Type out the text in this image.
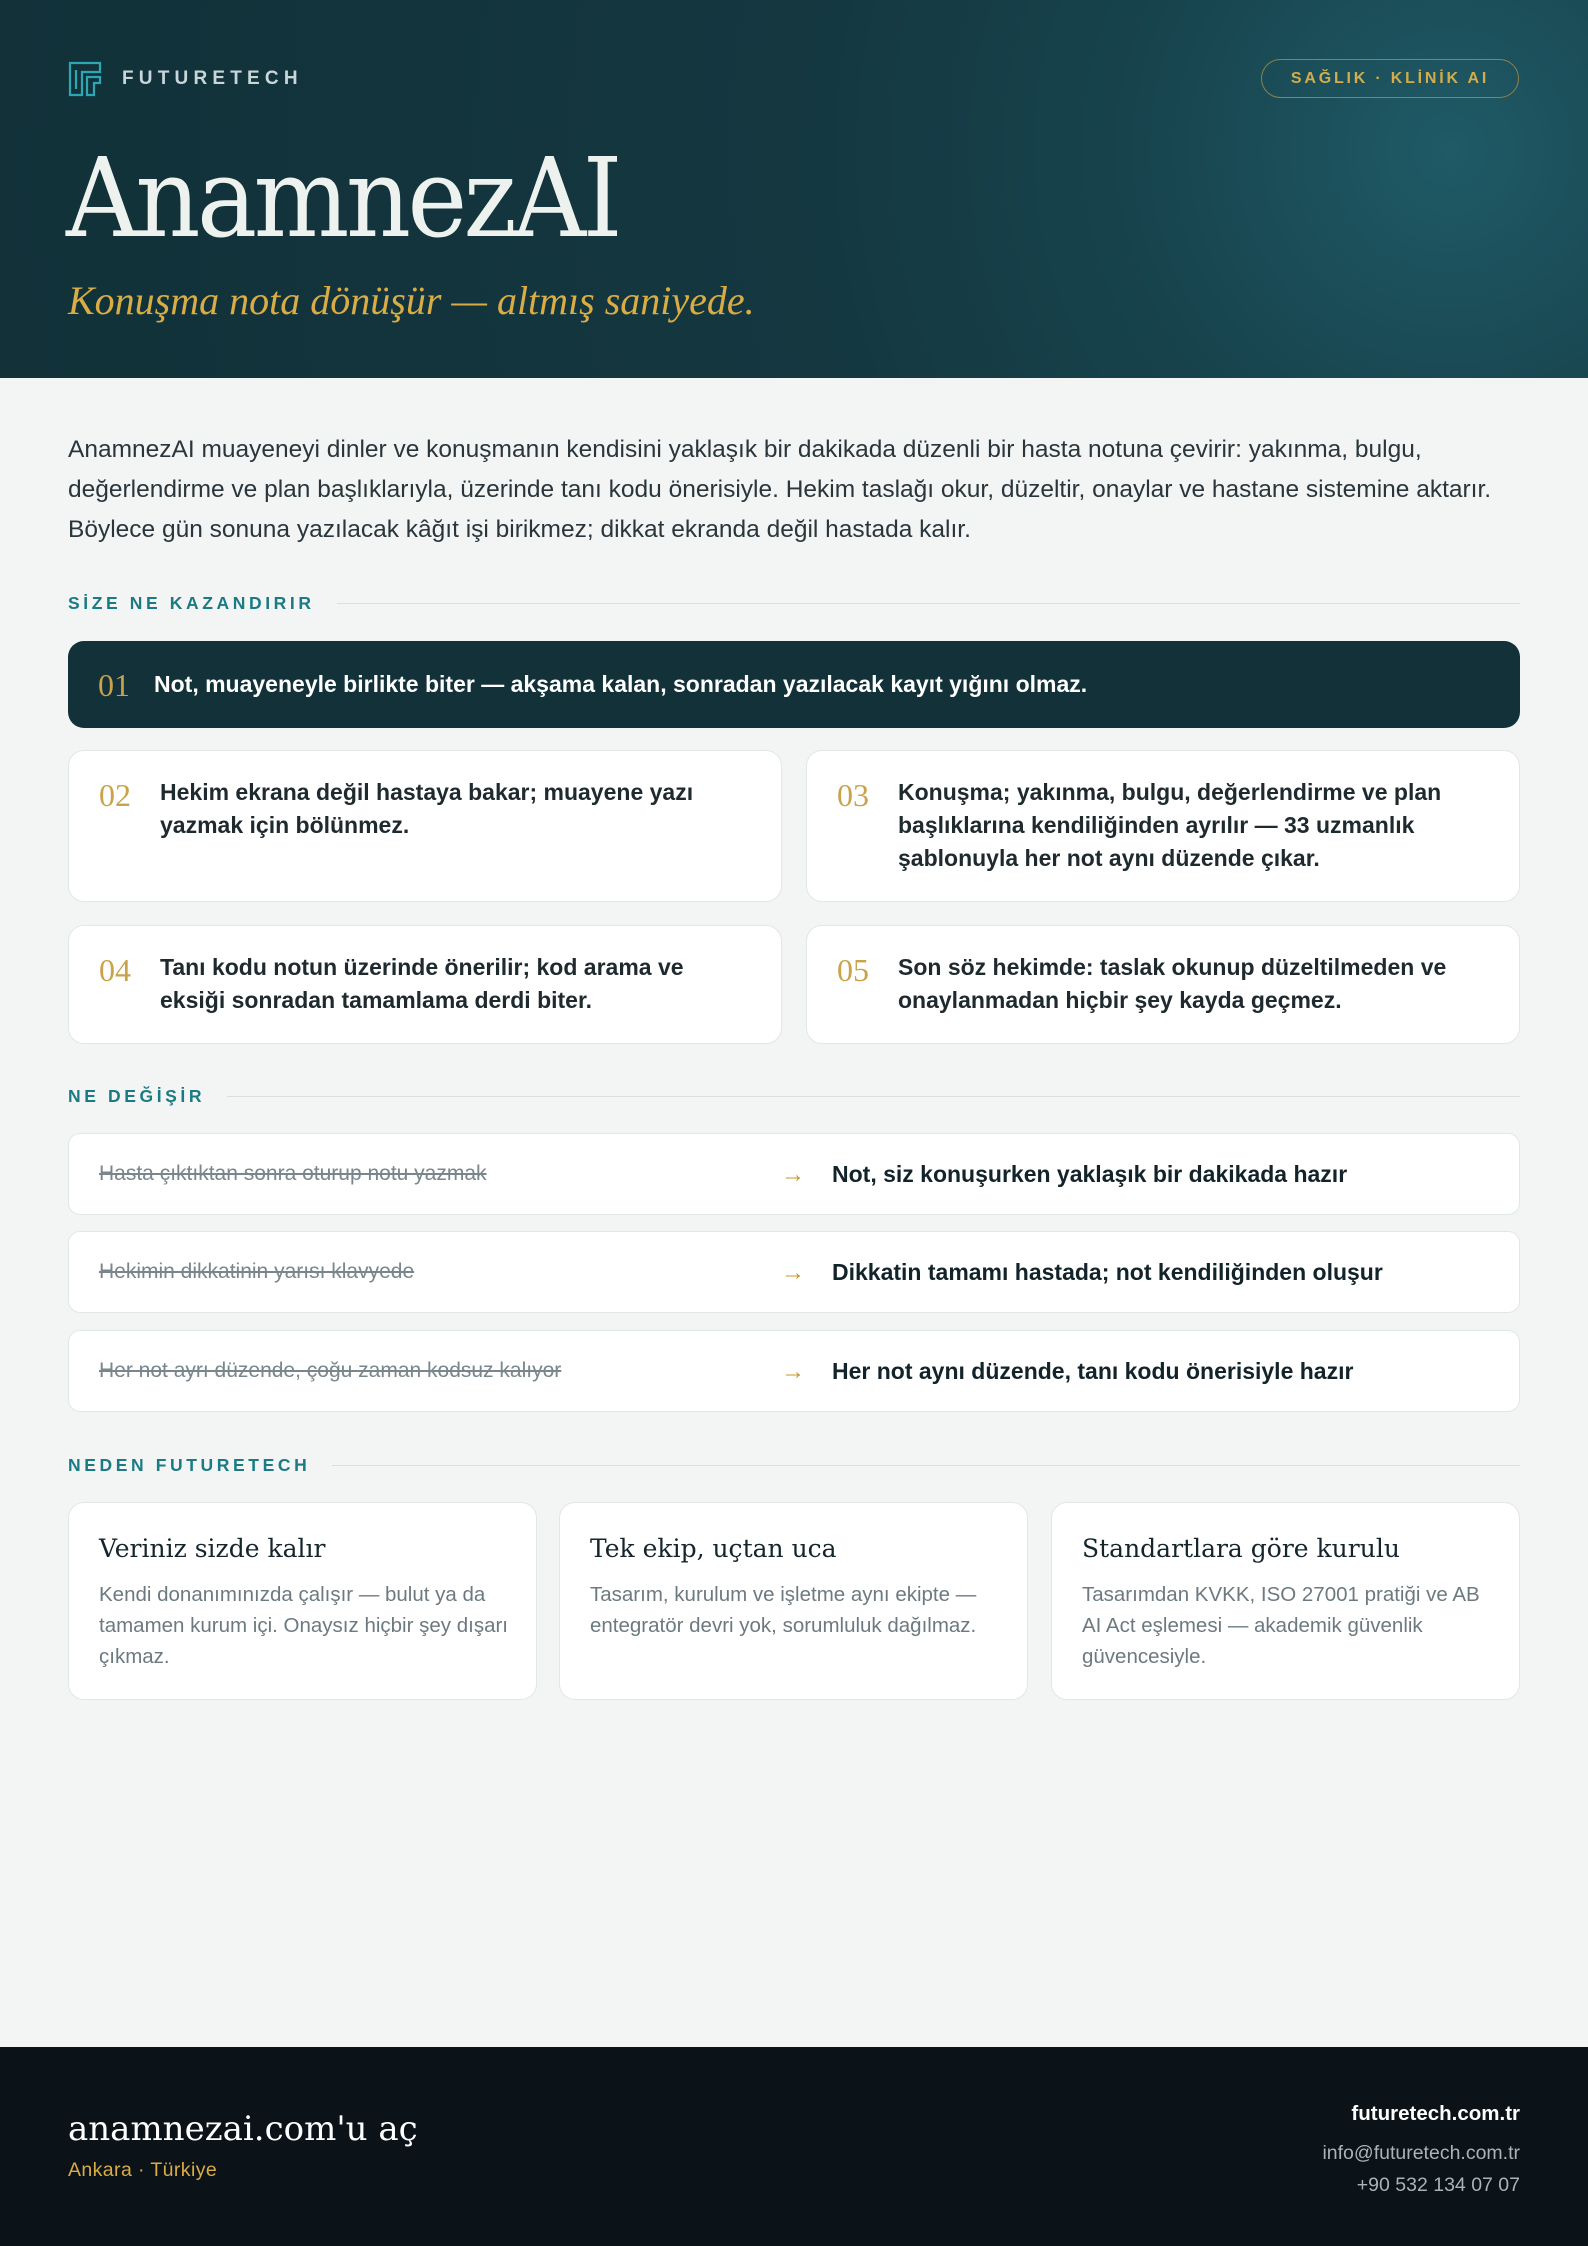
FUTURETECH	SAĞLIK · KLİNİK AI
AnamnezAI
Konuşma nota dönüşür — altmış saniyede.

AnamnezAI muayeneyi dinler ve konuşmanın kendisini yaklaşık bir dakikada düzenli bir hasta notuna çevirir: yakınma, bulgu, değerlendirme ve plan başlıklarıyla, üzerinde tanı kodu önerisiyle. Hekim taslağı okur, düzeltir, onaylar ve hastane sistemine aktarır. Böylece gün sonuna yazılacak kâğıt işi birikmez; dikkat ekranda değil hastada kalır.

SİZE NE KAZANDIRIR
01	Not, muayeneyle birlikte biter — akşama kalan, sonradan yazılacak kayıt yığını olmaz.
02 Hekim ekrana değil hastaya bakar; muayene yazı yazmak için bölünmez.
03 Konuşma; yakınma, bulgu, değerlendirme ve plan başlıklarına kendiliğinden ayrılır — 33 uzmanlık şablonuyla her not aynı düzende çıkar.
04 Tanı kodu notun üzerinde önerilir; kod arama ve eksiği sonradan tamamlama derdi biter.
05 Son söz hekimde: taslak okunup düzeltilmeden ve onaylanmadan hiçbir şey kayda geçmez.
NE DEĞİŞİR
Hasta çıktıktan sonra oturup notu yazmak	→ Not, siz konuşurken yaklaşık bir dakikada hazır
Hekimin dikkatinin yarısı klavyede	→ Dikkatin tamamı hastada; not kendiliğinden oluşur
Her not ayrı düzende, çoğu zaman kodsuz kalıyor	→ Her not aynı düzende, tanı kodu önerisiyle hazır
NEDEN FUTURETECH
Veriniz sizde kalır
Kendi donanımınızda çalışır — bulut ya da tamamen kurum içi. Onaysız hiçbir şey dışarı çıkmaz.
Tek ekip, uçtan uca
Tasarım, kurulum ve işletme aynı ekipte — entegratör devri yok, sorumluluk dağılmaz.
Standartlara göre kurulu
Tasarımdan KVKK, ISO 27001 pratiği ve AB AI Act eşlemesi — akademik güvenlik güvencesiyle.
anamnezai.com'u aç
Ankara · Türkiye
futuretech.com.tr
info@futuretech.com.tr
+90 532 134 07 07
